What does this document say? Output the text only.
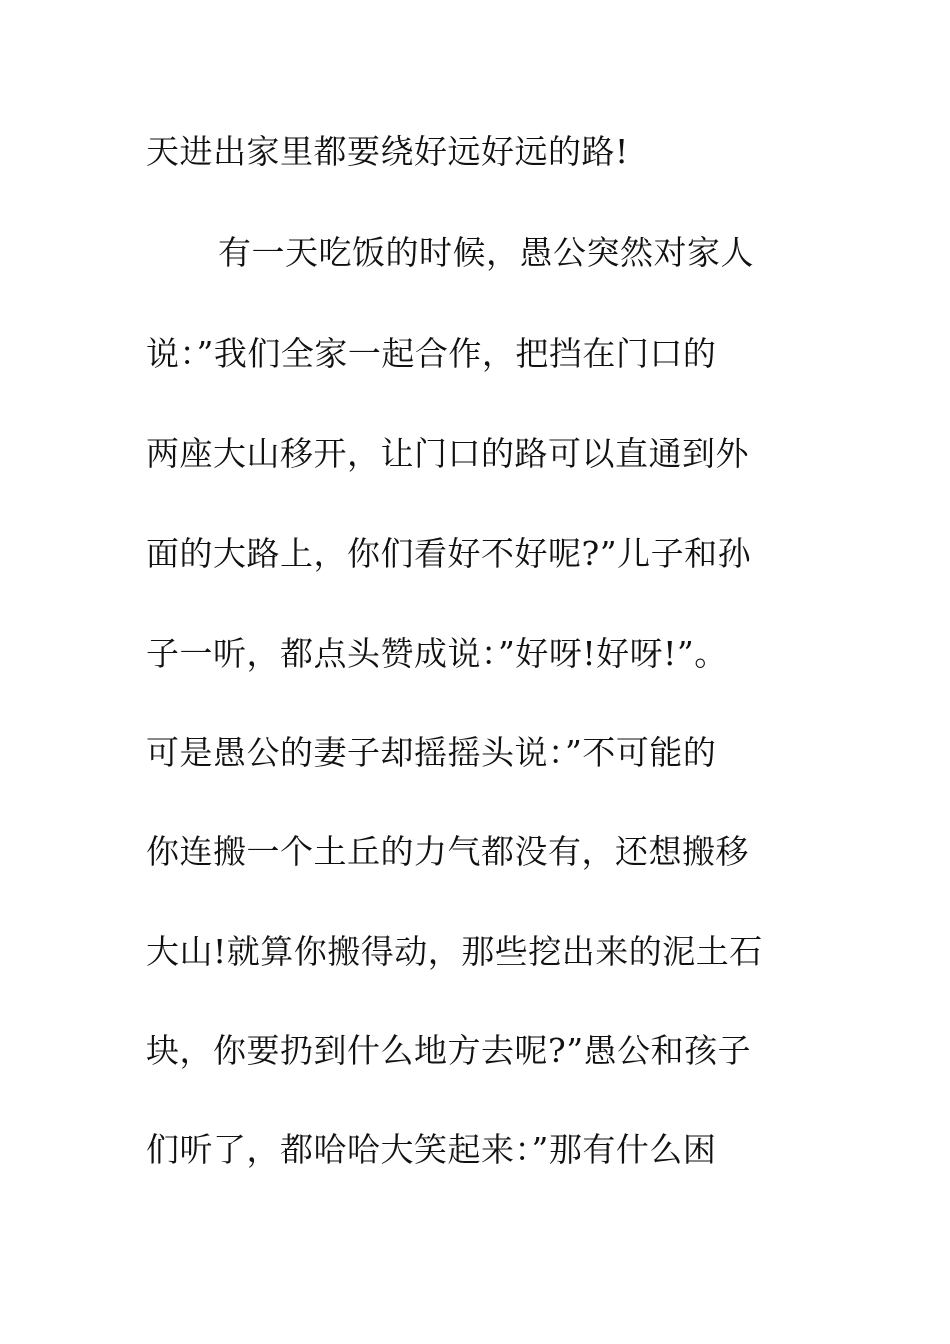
天进出家里都要绕好远好远的路!

有一天吃饭的时候，愚公突然对家人

说：”我们全家一起合作，把挡在门口的

两座大山移开，让门口的路可以直通到外

面的大路上，你们看好不好呢?”儿子和孙

子一听，都点头赞成说：”好呀!好呀!”。

可是愚公的妻子却摇摇头说：”不可能的

你连搬一个土丘的力气都没有，还想搬移

大山!就算你搬得动，那些挖出来的泥土石

块，你要扔到什么地方去呢?”愚公和孩子

们听了，都哈哈大笑起来：”那有什么困
